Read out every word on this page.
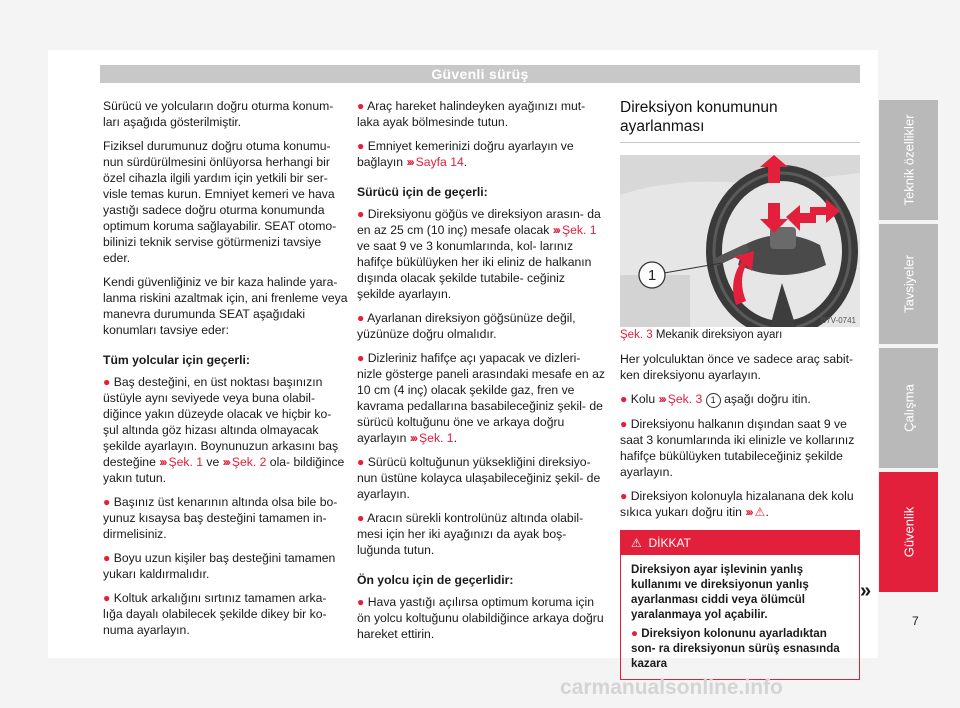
Güvenli sürüş

Sürücü ve yolcuların doğru oturma konum- ları aşağıda gösterilmiştir.

Fiziksel durumunuz doğru otuma konumu- nun sürdürülmesini önlüyorsa herhangi bir özel cihazla ilgili yardım için yetkili bir ser- visle temas kurun. Emniyet kemeri ve hava yastığı sadece doğru oturma konumunda optimum koruma sağlayabilir. SEAT otomo- bilinizi teknik servise götürmenizi tavsiye eder.

Kendi güvenliğiniz ve bir kaza halinde yara- lanma riskini azaltmak için, ani frenleme veya manevra durumunda SEAT aşağıdaki konumları tavsiye eder:

Tüm yolcular için geçerli:

● Baş desteğini, en üst noktası başınızın üstüyle aynı seviyede veya buna olabil- diğince yakın düzeyde olacak ve hiçbir ko- şul altında göz hizası altında olmayacak şekilde ayarlayın. Boynunuzun arkasını baş desteğine ››› Şek. 1 ve ››› Şek. 2 ola- bildiğince yakın tutun.

● Başınız üst kenarının altında olsa bile bo- yunuz kısaysa baş desteğini tamamen in- dirmelisiniz.

● Boyu uzun kişiler baş desteğini tamamen yukarı kaldırmalıdır.

● Koltuk arkalığını sırtınız tamamen arka- lığa dayalı olabilecek şekilde dikey bir ko- numa ayarlayın.

● Araç hareket halindeyken ayağınızı mut- laka ayak bölmesinde tutun.

● Emniyet kemerinizi doğru ayarlayın ve bağlayın ››› Sayfa 14.

Sürücü için de geçerli:

● Direksiyonu göğüs ve direksiyon arasın- da en az 25 cm (10 inç) mesafe olacak ››› Şek. 1 ve saat 9 ve 3 konumlarında, kol- larınız hafifçe bükülüyken her iki eliniz de halkanın dışında olacak şekilde tutabile- ceğiniz şekilde ayarlayın.

● Ayarlanan direksiyon göğsünüze değil, yüzünüze doğru olmalıdır.

● Dizleriniz hafifçe açı yapacak ve dizleri- nizle gösterge paneli arasındaki mesafe en az 10 cm (4 inç) olacak şekilde gaz, fren ve kavrama pedallarına basabileceğiniz şekil- de sürücü koltuğunu öne ve arkaya doğru ayarlayın ››› Şek. 1.

● Sürücü koltuğunun yüksekliğini direksiyo- nun üstüne kolayca ulaşabileceğiniz şekil- de ayarlayın.

● Aracın sürekli kontrolünüz altında olabil- mesi için her iki ayağınızı da ayak boş- luğunda tutun.

Ön yolcu için de geçerlidir:

● Hava yastığı açılırsa optimum koruma için ön yolcu koltuğunu olabildiğince arkaya doğru hareket ettirin.

Direksiyon konumunun ayarlanması
1
B7V-0741

Şek. 3 Mekanik direksiyon ayarı

Her yolculuktan önce ve sadece araç sabit- ken direksiyonu ayarlayın.

● Kolu ››› Şek. 3 1 aşağı doğru itin.

● Direksiyonu halkanın dışından saat 9 ve saat 3 konumlarında iki elinizle ve kollarınız hafifçe bükülüyken tutabileceğiniz şekilde ayarlayın.

● Direksiyon kolonuyla hizalanana dek kolu sıkıca yukarı doğru itin ››› ⚠.

⚠ DİKKAT

Direksiyon ayar işlevinin yanlış kullanımı ve direksiyonun yanlış ayarlanması ciddi veya ölümcül yaralanmaya yol açabilir.

● Direksiyon kolonunu ayarladıktan son- ra direksiyonun sürüş esnasında kazara

»
Teknik özellikler
Tavsiyeler
Çalışma
Güvenlik
7
carmanualsonline.info
